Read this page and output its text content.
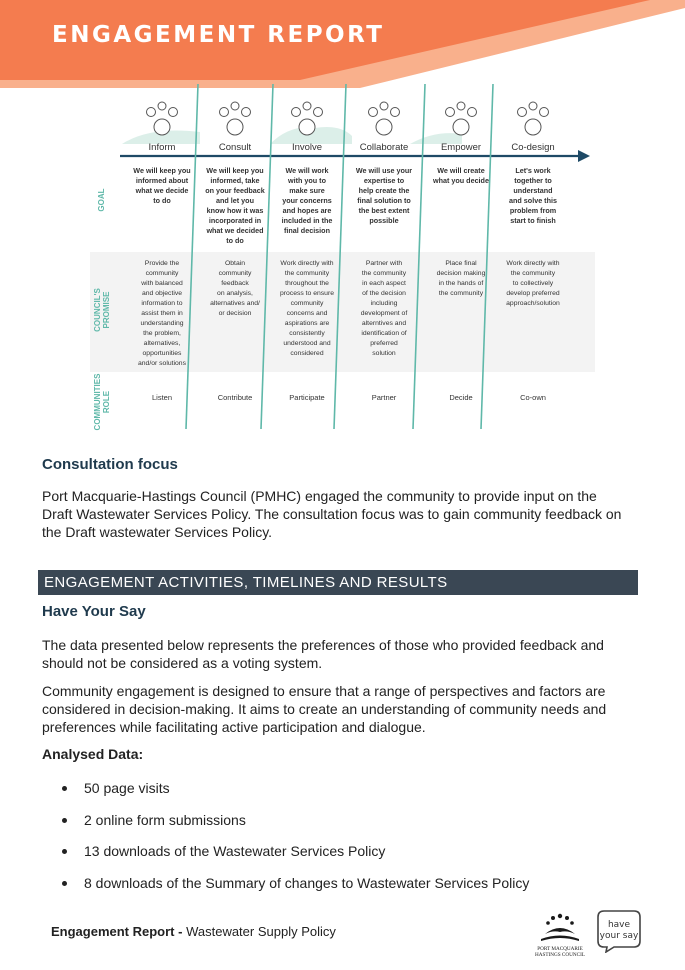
ENGAGEMENT REPORT
Inform
We will keep you
informed about
what we decide
to do
Provide the
community
with balanced
and objective
information to
assist them in
understanding
the problem,
alternatives,
opportunities
and/or solutions
Listen
Consult
We will keep you
informed, take
on your feedback
and let you
know how it was
incorporated in
what we decided
to do
Obtain
community
feedback
on analysis,
alternatives and/
or decision
Contribute
Involve
We will work
with you to
make sure
your concerns
and hopes are
included in the
final decision
Work directly with
the community
throughout the
process to ensure
community
concerns and
aspirations are
consistently
understood and
considered
Participate
Collaborate
We will use your
expertise to
help create the
final solution to
the best extent
possible
Partner with
the community
in each aspect
of the decision
including
development of
alterntives and
identification of
preferred
solution
Partner
Empower
We will create
what you decide
Place final
decision making
in the hands of
the community
Decide
Co-design
Let's work
together to
understand
and solve this
problem from
start to finish
Work directly with
the community
to collectively
develop preferred
approach/solution
Co-own
GOAL
COUNCIL'S PROMISE
COMMUNITIES ROLE
Consultation focus
Port Macquarie-Hastings Council (PMHC) engaged the community to provide input on the
Draft Wastewater Services Policy. The consultation focus was to gain community feedback on
the Draft wastewater Services Policy.
ENGAGEMENT ACTIVITIES, TIMELINES AND RESULTS
Have Your Say
The data presented below represents the preferences of those who provided feedback and
should not be considered as a voting system.
Community engagement is designed to ensure that a range of perspectives and factors are
considered in decision-making. It aims to create an understanding of community needs and
preferences while facilitating active participation and dialogue.
Analysed Data:
50 page visits
2 online form submissions
13 downloads of the Wastewater Services Policy
8 downloads of the Summary of changes to Wastewater Services Policy
Engagement Report - Wastewater Supply Policy
PORT MACQUARIE
HASTINGS COUNCIL
have
your say
